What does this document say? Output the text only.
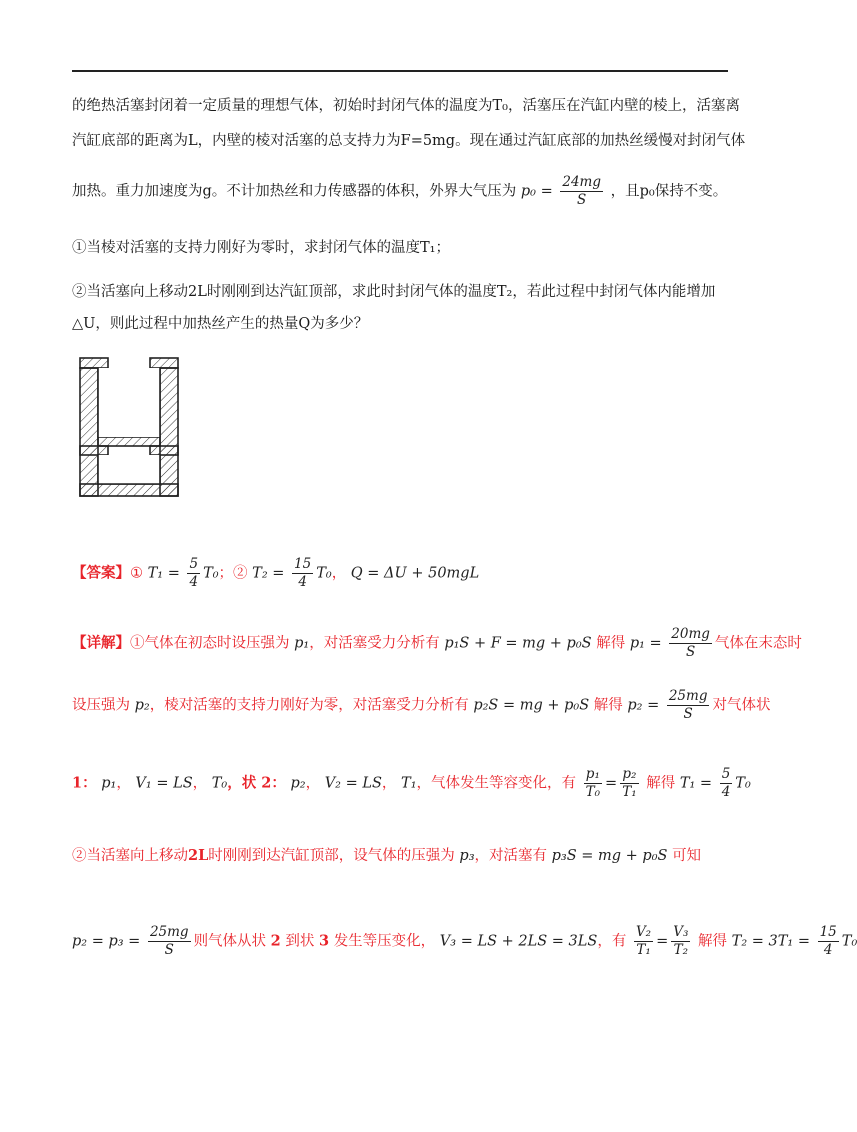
的绝热活塞封闭着一定质量的理想气体，初始时封闭气体的温度为T₀，活塞压在汽缸内壁的棱上，活塞离
汽缸底部的距离为L，内壁的棱对活塞的总支持力为F=5mg。现在通过汽缸底部的加热丝缓慢对封闭气体
加热。重力加速度为g。不计加热丝和力传感器的体积，外界大气压为 $p_0 = \frac{24mg}{S}$ ，且p₀保持不变。
①当棱对活塞的支持力刚好为零时，求封闭气体的温度T₁；
②当活塞向上移动2L时刚刚到达汽缸顶部，求此时封闭气体的温度T₂，若此过程中封闭气体内能增加
△U，则此过程中加热丝产生的热量Q为多少？
【答案】① $T_1 = \frac{5}{4} T_0$；② $T_2 = \frac{15}{4} T_0$， Q = ΔU + 50mgL
【详解】①气体在初态时设压强为 p₁，对活塞受力分析有 p₁S + F = mg + p₀S 解得 $p_1 = \frac{20mg}{S}$ 气体在末态时
设压强为 p₂，棱对活塞的支持力刚好为零，对活塞受力分析有 p₂S = mg + p₀S 解得 $p_2 = \frac{25mg}{S}$ 对气体状
1： p₁， V₁ = LS， T₀，状 2： p₂， V₂ = LS， T₁，气体发生等容变化，有 $\frac{\text{p₁}}{\text{T₀}} = \frac{\text{p₂}}{\text{T₁}}$ 解得 $T_1 = \frac{5}{4} T_0$
②当活塞向上移动2L时刚刚到达汽缸顶部，设气体的压强为 p₃，对活塞有 p₃S = mg + p₀S 可知
$p_2 = p_3 = \frac{25mg}{S}$ 则气体从状 2 到状 3 发生等压变化， V₃ = LS + 2LS = 3LS，有 $\frac{\text{V₂}}{\text{T₁}} = \frac{\text{V₃}}{\text{T₂}}$ 解得 $T_2 = 3T_1 = \frac{15}{4} T_0$
